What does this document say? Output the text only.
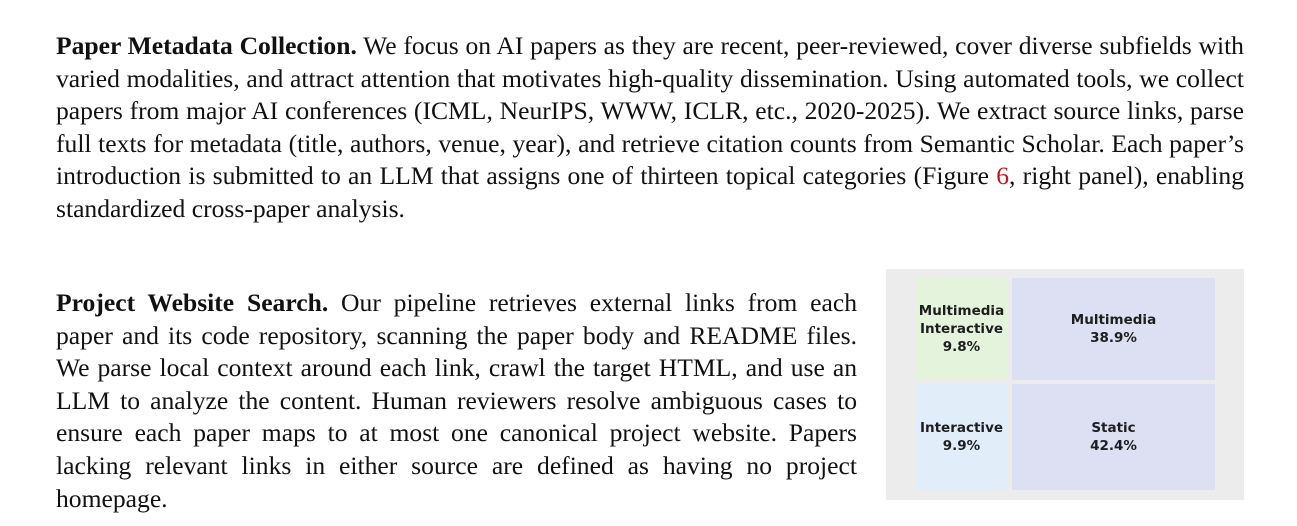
Paper Metadata Collection. We focus on AI papers as they are recent, peer-reviewed, cover diverse subfields with varied modalities, and attract attention that motivates high-quality dissemination. Using automated tools, we collect papers from major AI conferences (ICML, NeurIPS, WWW, ICLR, etc., 2020-2025). We extract source links, parse full texts for metadata (title, authors, venue, year), and retrieve citation counts from Semantic Scholar. Each paper’s introduction is submitted to an LLM that assigns one of thirteen topical categories (Figure 6, right panel), enabling standardized cross-paper analysis.

Project Website Search. Our pipeline retrieves external links from each paper and its code repository, scanning the paper body and README files. We parse local context around each link, crawl the target HTML, and use an LLM to analyze the content. Human reviewers resolve ambiguous cases to ensure each paper maps to at most one canonical project website. Papers lacking relevant links in either source are defined as having no project homepage.

Multimedia
Interactive
9.8%
Multimedia
38.9%
Interactive
9.9%
Static
42.4%
